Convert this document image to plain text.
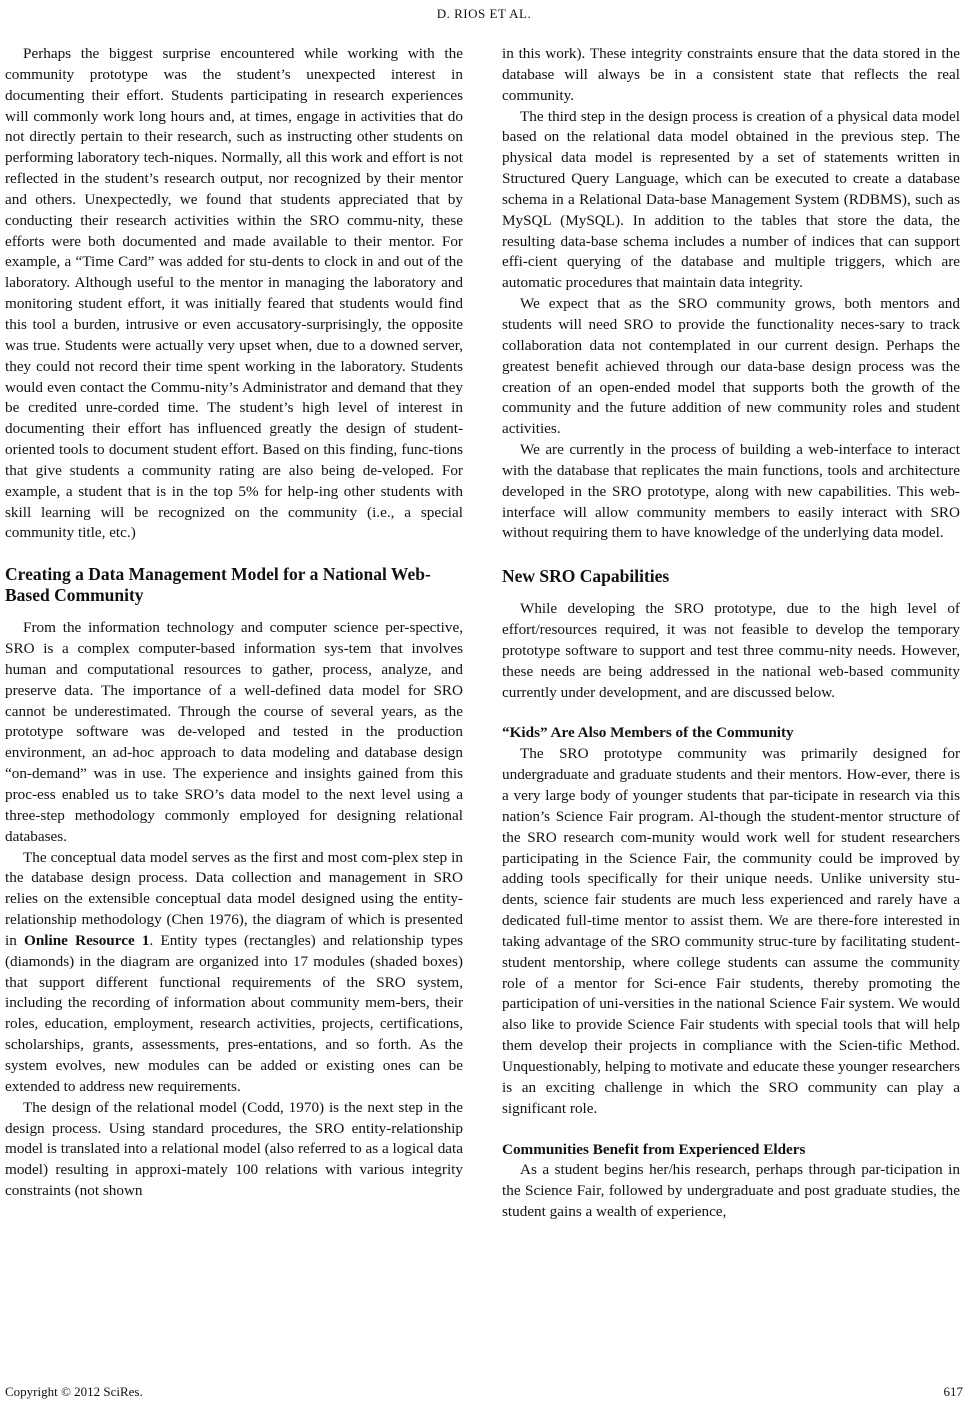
D. RIOS ET AL.

Perhaps the biggest surprise encountered while working with the community prototype was the student’s unexpected interest in documenting their effort. Students participating in research experiences will commonly work long hours and, at times, engage in activities that do not directly pertain to their research, such as instructing other students on performing laboratory tech-niques. Normally, all this work and effort is not reflected in the student’s research output, nor recognized by their mentor and others. Unexpectedly, we found that students appreciated that by conducting their research activities within the SRO commu-nity, these efforts were both documented and made available to their mentor. For example, a “Time Card” was added for stu-dents to clock in and out of the laboratory. Although useful to the mentor in managing the laboratory and monitoring student effort, it was initially feared that students would find this tool a burden, intrusive or even accusatory-surprisingly, the opposite was true. Students were actually very upset when, due to a downed server, they could not record their time spent working in the laboratory. Students would even contact the Commu-nity’s Administrator and demand that they be credited unre-corded time. The student’s high level of interest in documenting their effort has influenced greatly the design of student-oriented tools to document student effort. Based on this finding, func-tions that give students a community rating are also being de-veloped. For example, a student that is in the top 5% for help-ing other students with skill learning will be recognized on the community (i.e., a special community title, etc.)

Creating a Data Management Model for a National Web-Based Community

From the information technology and computer science per-spective, SRO is a complex computer-based information sys-tem that involves human and computational resources to gather, process, analyze, and preserve data. The importance of a well-defined data model for SRO cannot be underestimated. Through the course of several years, as the prototype software was de-veloped and tested in the production environment, an ad-hoc approach to data modeling and database design “on-demand” was in use. The experience and insights gained from this proc-ess enabled us to take SRO’s data model to the next level using a three-step methodology commonly employed for designing relational databases.

The conceptual data model serves as the first and most com-plex step in the database design process. Data collection and management in SRO relies on the extensible conceptual data model designed using the entity-relationship methodology (Chen 1976), the diagram of which is presented in Online Resource 1. Entity types (rectangles) and relationship types (diamonds) in the diagram are organized into 17 modules (shaded boxes) that support different functional requirements of the SRO system, including the recording of information about community mem-bers, their roles, education, employment, research activities, projects, certifications, scholarships, grants, assessments, pres-entations, and so forth. As the system evolves, new modules can be added or existing ones can be extended to address new requirements.

The design of the relational model (Codd, 1970) is the next step in the design process. Using standard procedures, the SRO entity-relationship model is translated into a relational model (also referred to as a logical data model) resulting in approxi-mately 100 relations with various integrity constraints (not shown

in this work). These integrity constraints ensure that the data stored in the database will always be in a consistent state that reflects the real community.

The third step in the design process is creation of a physical data model based on the relational data model obtained in the previous step. The physical data model is represented by a set of statements written in Structured Query Language, which can be executed to create a database schema in a Relational Data-base Management System (RDBMS), such as MySQL (MySQL). In addition to the tables that store the data, the resulting data-base schema includes a number of indices that can support effi-cient querying of the database and multiple triggers, which are automatic procedures that maintain data integrity.

We expect that as the SRO community grows, both mentors and students will need SRO to provide the functionality neces-sary to track collaboration data not contemplated in our current design. Perhaps the greatest benefit achieved through our data-base design process was the creation of an open-ended model that supports both the growth of the community and the future addition of new community roles and student activities.

We are currently in the process of building a web-interface to interact with the database that replicates the main functions, tools and architecture developed in the SRO prototype, along with new capabilities. This web-interface will allow community members to easily interact with SRO without requiring them to have knowledge of the underlying data model.

New SRO Capabilities

While developing the SRO prototype, due to the high level of effort/resources required, it was not feasible to develop the temporary prototype software to support and test three commu-nity needs. However, these needs are being addressed in the national web-based community currently under development, and are discussed below.

“Kids” Are Also Members of the Community

The SRO prototype community was primarily designed for undergraduate and graduate students and their mentors. How-ever, there is a very large body of younger students that par-ticipate in research via this nation’s Science Fair program. Al-though the student-mentor structure of the SRO research com-munity would work well for student researchers participating in the Science Fair, the community could be improved by adding tools specifically for their unique needs. Unlike university stu-dents, science fair students are much less experienced and rarely have a dedicated full-time mentor to assist them. We are there-fore interested in taking advantage of the SRO community struc-ture by facilitating student-student mentorship, where college students can assume the community role of a mentor for Sci-ence Fair students, thereby promoting the participation of uni-versities in the national Science Fair system. We would also like to provide Science Fair students with special tools that will help them develop their projects in compliance with the Scien-tific Method. Unquestionably, helping to motivate and educate these younger researchers is an exciting challenge in which the SRO community can play a significant role.

Communities Benefit from Experienced Elders

As a student begins her/his research, perhaps through par-ticipation in the Science Fair, followed by undergraduate and post graduate studies, the student gains a wealth of experience,

Copyright © 2012 SciRes.	617
